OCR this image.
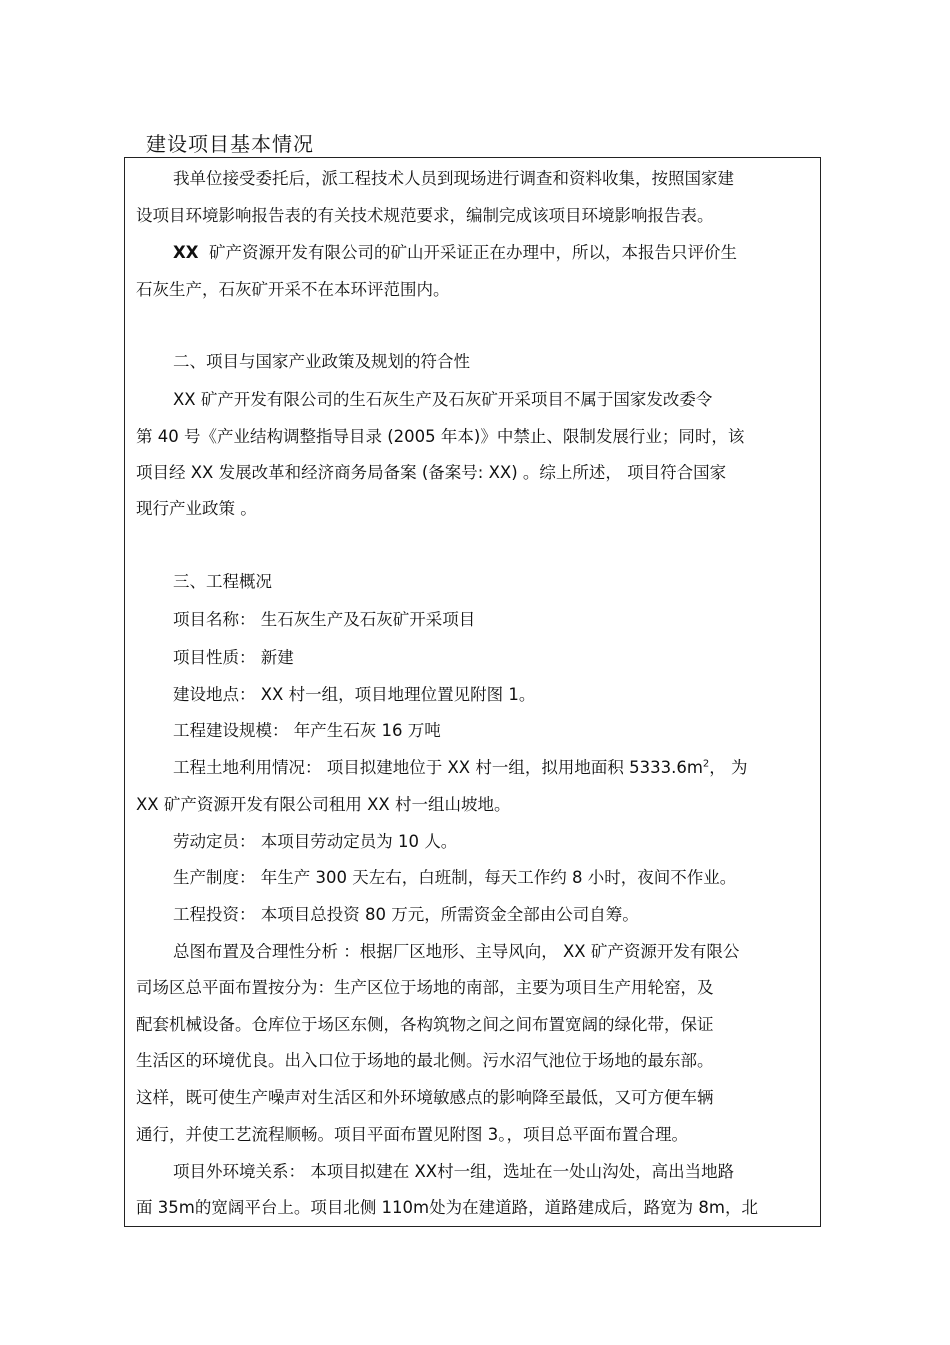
建设项目基本情况
我单位接受委托后，派工程技术人员到现场进行调查和资料收集，按照国家建
设项目环境影响报告表的有关技术规范要求，编制完成该项目环境影响报告表。
XX 矿产资源开发有限公司的矿山开采证正在办理中，所以，本报告只评价生
石灰生产，石灰矿开采不在本环评范围内。
二、项目与国家产业政策及规划的符合性
XX 矿产开发有限公司的生石灰生产及石灰矿开采项目不属于国家发改委令
第 40 号《产业结构调整指导目录 (2005 年本)》中禁止、限制发展行业；同时，该
项目经 XX 发展改革和经济商务局备案 (备案号: XX) 。综上所述， 项目符合国家
现行产业政策 。
三、工程概况
项目名称： 生石灰生产及石灰矿开采项目
项目性质： 新建
建设地点： XX 村一组，项目地理位置见附图 1。
工程建设规模： 年产生石灰 16 万吨
工程土地利用情况： 项目拟建地位于 XX 村一组，拟用地面积 $5333.6m^2$， 为
XX 矿产资源开发有限公司租用 XX 村一组山坡地。
劳动定员： 本项目劳动定员为 10 人。
生产制度： 年生产 300 天左右，白班制，每天工作约 8 小时，夜间不作业。
工程投资： 本项目总投资 80 万元，所需资金全部由公司自筹。
总图布置及合理性分析 ：根据厂区地形、主导风向， XX 矿产资源开发有限公
司场区总平面布置按分为：生产区位于场地的南部，主要为项目生产用轮窑，及
配套机械设备。仓库位于场区东侧，各构筑物之间之间布置宽阔的绿化带，保证
生活区的环境优良。出入口位于场地的最北侧。污水沼气池位于场地的最东部。
这样，既可使生产噪声对生活区和外环境敏感点的影响降至最低，又可方便车辆
通行，并使工艺流程顺畅。项目平面布置见附图 3。，项目总平面布置合理。
项目外环境关系： 本项目拟建在 XX村一组，选址在一处山沟处，高出当地路
面 35m的宽阔平台上。项目北侧 110m处为在建道路，道路建成后，路宽为 8m，北
